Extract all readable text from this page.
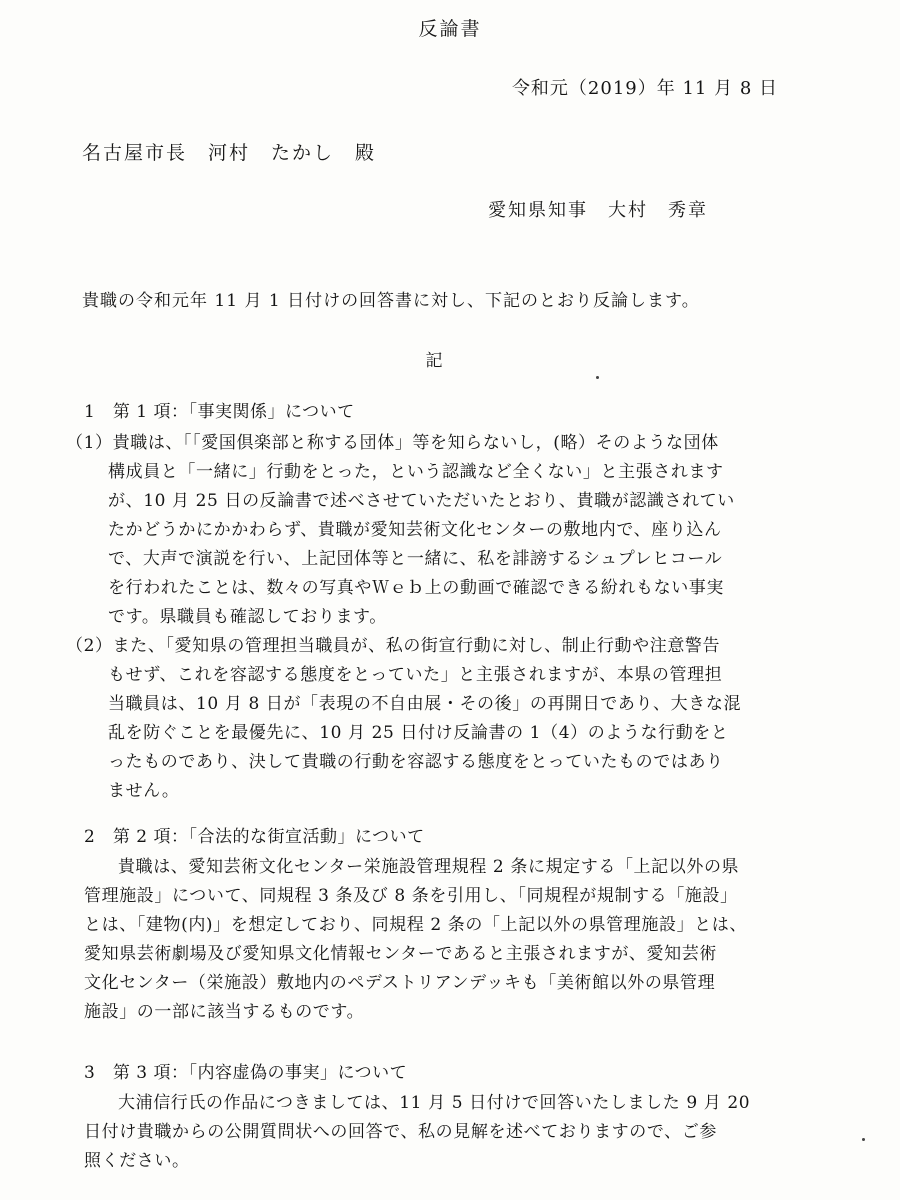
反論書
令和元（2019）年 11 月 8 日
名古屋市長　河村　たかし　殿
愛知県知事　大村　秀章
貴職の令和元年 11 月 1 日付けの回答書に対し、下記のとおり反論します。
記
1　第 1 項：「事実関係」について
（1）貴職は、「「愛国倶楽部と称する団体」等を知らないし，(略）そのような団体
構成員と「一緒に」行動をとった，という認識など全くない」と主張されます
が、10 月 25 日の反論書で述べさせていただいたとおり、貴職が認識されてい
たかどうかにかかわらず、貴職が愛知芸術文化センターの敷地内で、座り込ん
で、大声で演説を行い、上記団体等と一緒に、私を誹謗するシュプレヒコール
を行われたことは、数々の写真やＷｅｂ上の動画で確認できる紛れもない事実
です。県職員も確認しております。
（2）また、「愛知県の管理担当職員が、私の街宣行動に対し、制止行動や注意警告
もせず、これを容認する態度をとっていた」と主張されますが、本県の管理担
当職員は、10 月 8 日が「表現の不自由展・その後」の再開日であり、大きな混
乱を防ぐことを最優先に、10 月 25 日付け反論書の 1（4）のような行動をと
ったものであり、決して貴職の行動を容認する態度をとっていたものではあり
ません。
2　第 2 項：「合法的な街宣活動」について
貴職は、愛知芸術文化センター栄施設管理規程 2 条に規定する「上記以外の県
管理施設」について、同規程 3 条及び 8 条を引用し、「同規程が規制する「施設」
とは、「建物(内)」を想定しており、同規程 2 条の「上記以外の県管理施設」とは、
愛知県芸術劇場及び愛知県文化情報センターであると主張されますが、愛知芸術
文化センター（栄施設）敷地内のペデストリアンデッキも「美術館以外の県管理
施設」の一部に該当するものです。
3　第 3 項：「内容虚偽の事実」について
大浦信行氏の作品につきましては、11 月 5 日付けで回答いたしました 9 月 20
日付け貴職からの公開質問状への回答で、私の見解を述べておりますので、ご参
照ください。
